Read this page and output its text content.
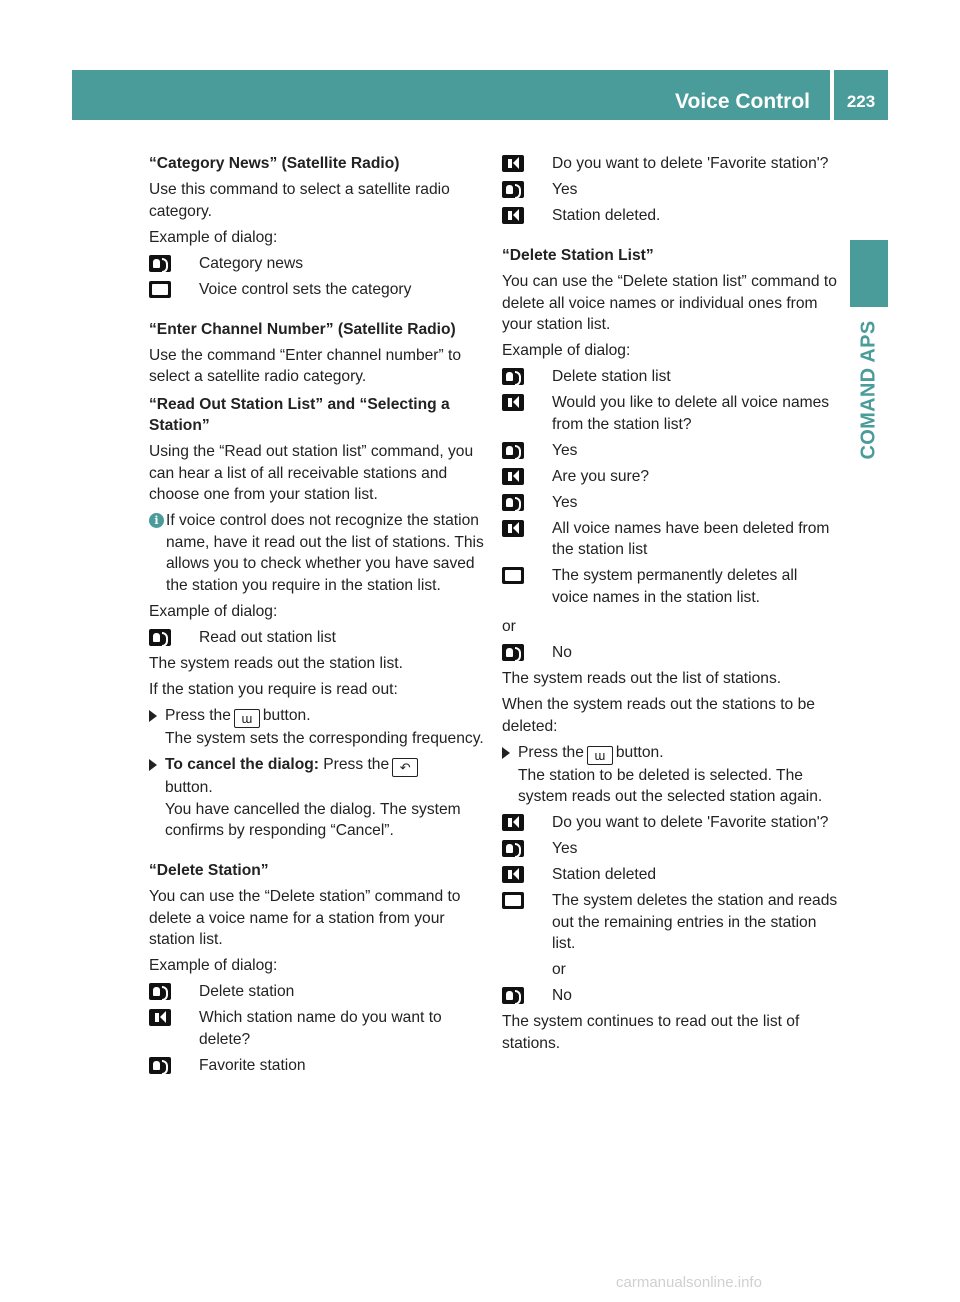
Voice Control	223
COMAND APS

“Category News” (Satellite Radio)

Use this command to select a satellite radio category.

Example of dialog:

Category news
Voice control sets the category

“Enter Channel Number” (Satellite Radio)

Use the command “Enter channel number” to select a satellite radio category.

“Read Out Station List” and “Selecting a Station”

Using the “Read out station list” command, you can hear a list of all receivable stations and choose one from your station list.

i If voice control does not recognize the station name, have it read out the list of stations. This allows you to check whether you have saved the station you require in the station list.

Example of dialog:

Read out station list

The system reads out the station list.

If the station you require is read out:

Press the ɯ button.
The system sets the corresponding frequency.
To cancel the dialog: Press the ↶
button.
You have cancelled the dialog. The system confirms by responding “Cancel”.

“Delete Station”

You can use the “Delete station” command to delete a voice name for a station from your station list.

Example of dialog:

Delete station
Which station name do you want to delete?
Favorite station
Do you want to delete 'Favorite station'?
Yes
Station deleted.

“Delete Station List”

You can use the “Delete station list” command to delete all voice names or individual ones from your station list.

Example of dialog:

Delete station list
Would you like to delete all voice names from the station list?
Yes
Are you sure?
Yes
All voice names have been deleted from the station list
The system permanently deletes all voice names in the station list.

or

No

The system reads out the list of stations.

When the system reads out the stations to be deleted:

Press the ɯ button.
The station to be deleted is selected. The system reads out the selected station again.
Do you want to delete 'Favorite station'?
Yes
Station deleted
The system deletes the station and reads out the remaining entries in the station list.

or

No

The system continues to read out the list of stations.

carmanualsonline.info
